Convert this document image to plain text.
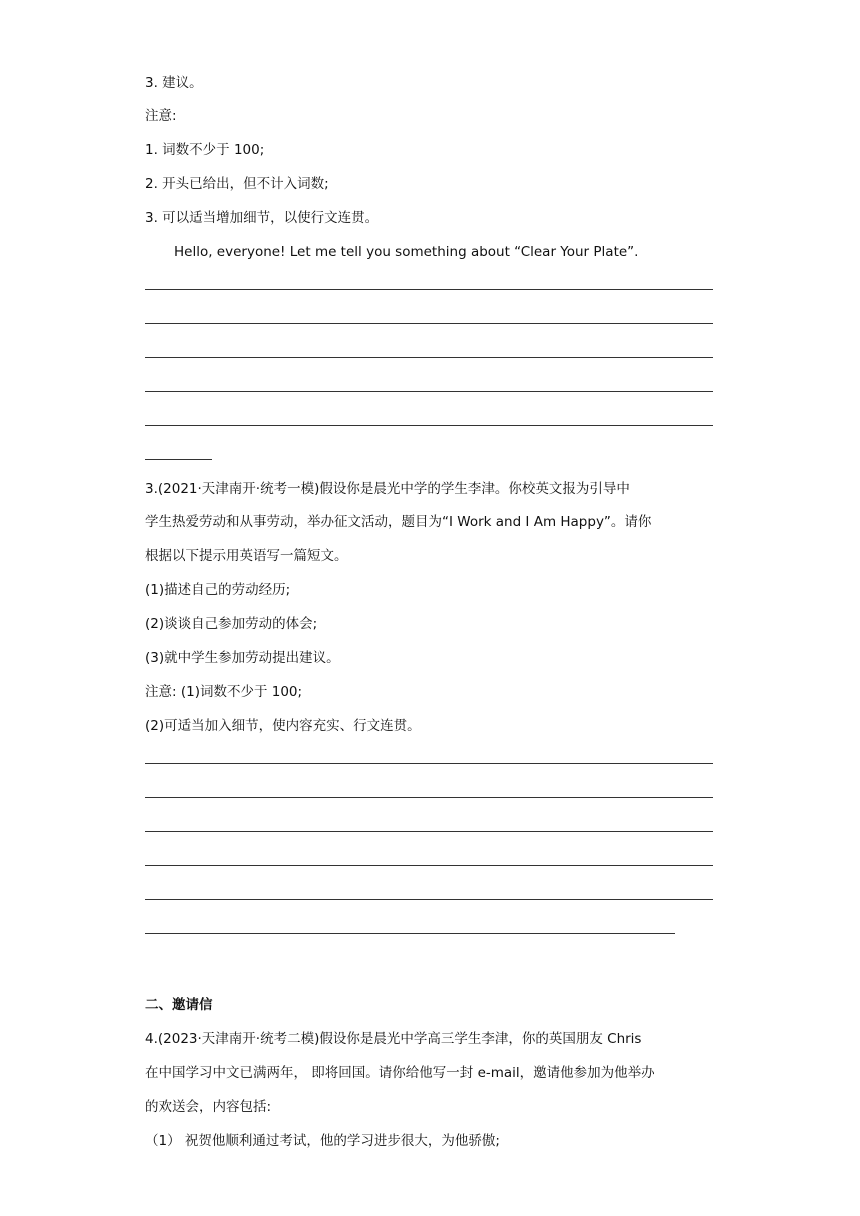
3. 建议。
注意:
1. 词数不少于 100;
2. 开头已给出，但不计入词数;
3. 可以适当增加细节，以使行文连贯。
Hello, everyone! Let me tell you something about “Clear Your Plate”.
3.(2021·天津南开·统考一模)假设你是晨光中学的学生李津。你校英文报为引导中
学生热爱劳动和从事劳动，举办征文活动，题目为“I Work and I Am Happy”。请你
根据以下提示用英语写一篇短文。
(1)描述自己的劳动经历;
(2)谈谈自己参加劳动的体会;
(3)就中学生参加劳动提出建议。
注意: (1)词数不少于 100;
(2)可适当加入细节，使内容充实、行文连贯。
二、邀请信
4.(2023·天津南开·统考二模)假设你是晨光中学高三学生李津，你的英国朋友 Chris
在中国学习中文已满两年， 即将回国。请你给他写一封 e-mail，邀请他参加为他举办
的欢送会，内容包括:
（1） 祝贺他顺利通过考试，他的学习进步很大，为他骄傲;
